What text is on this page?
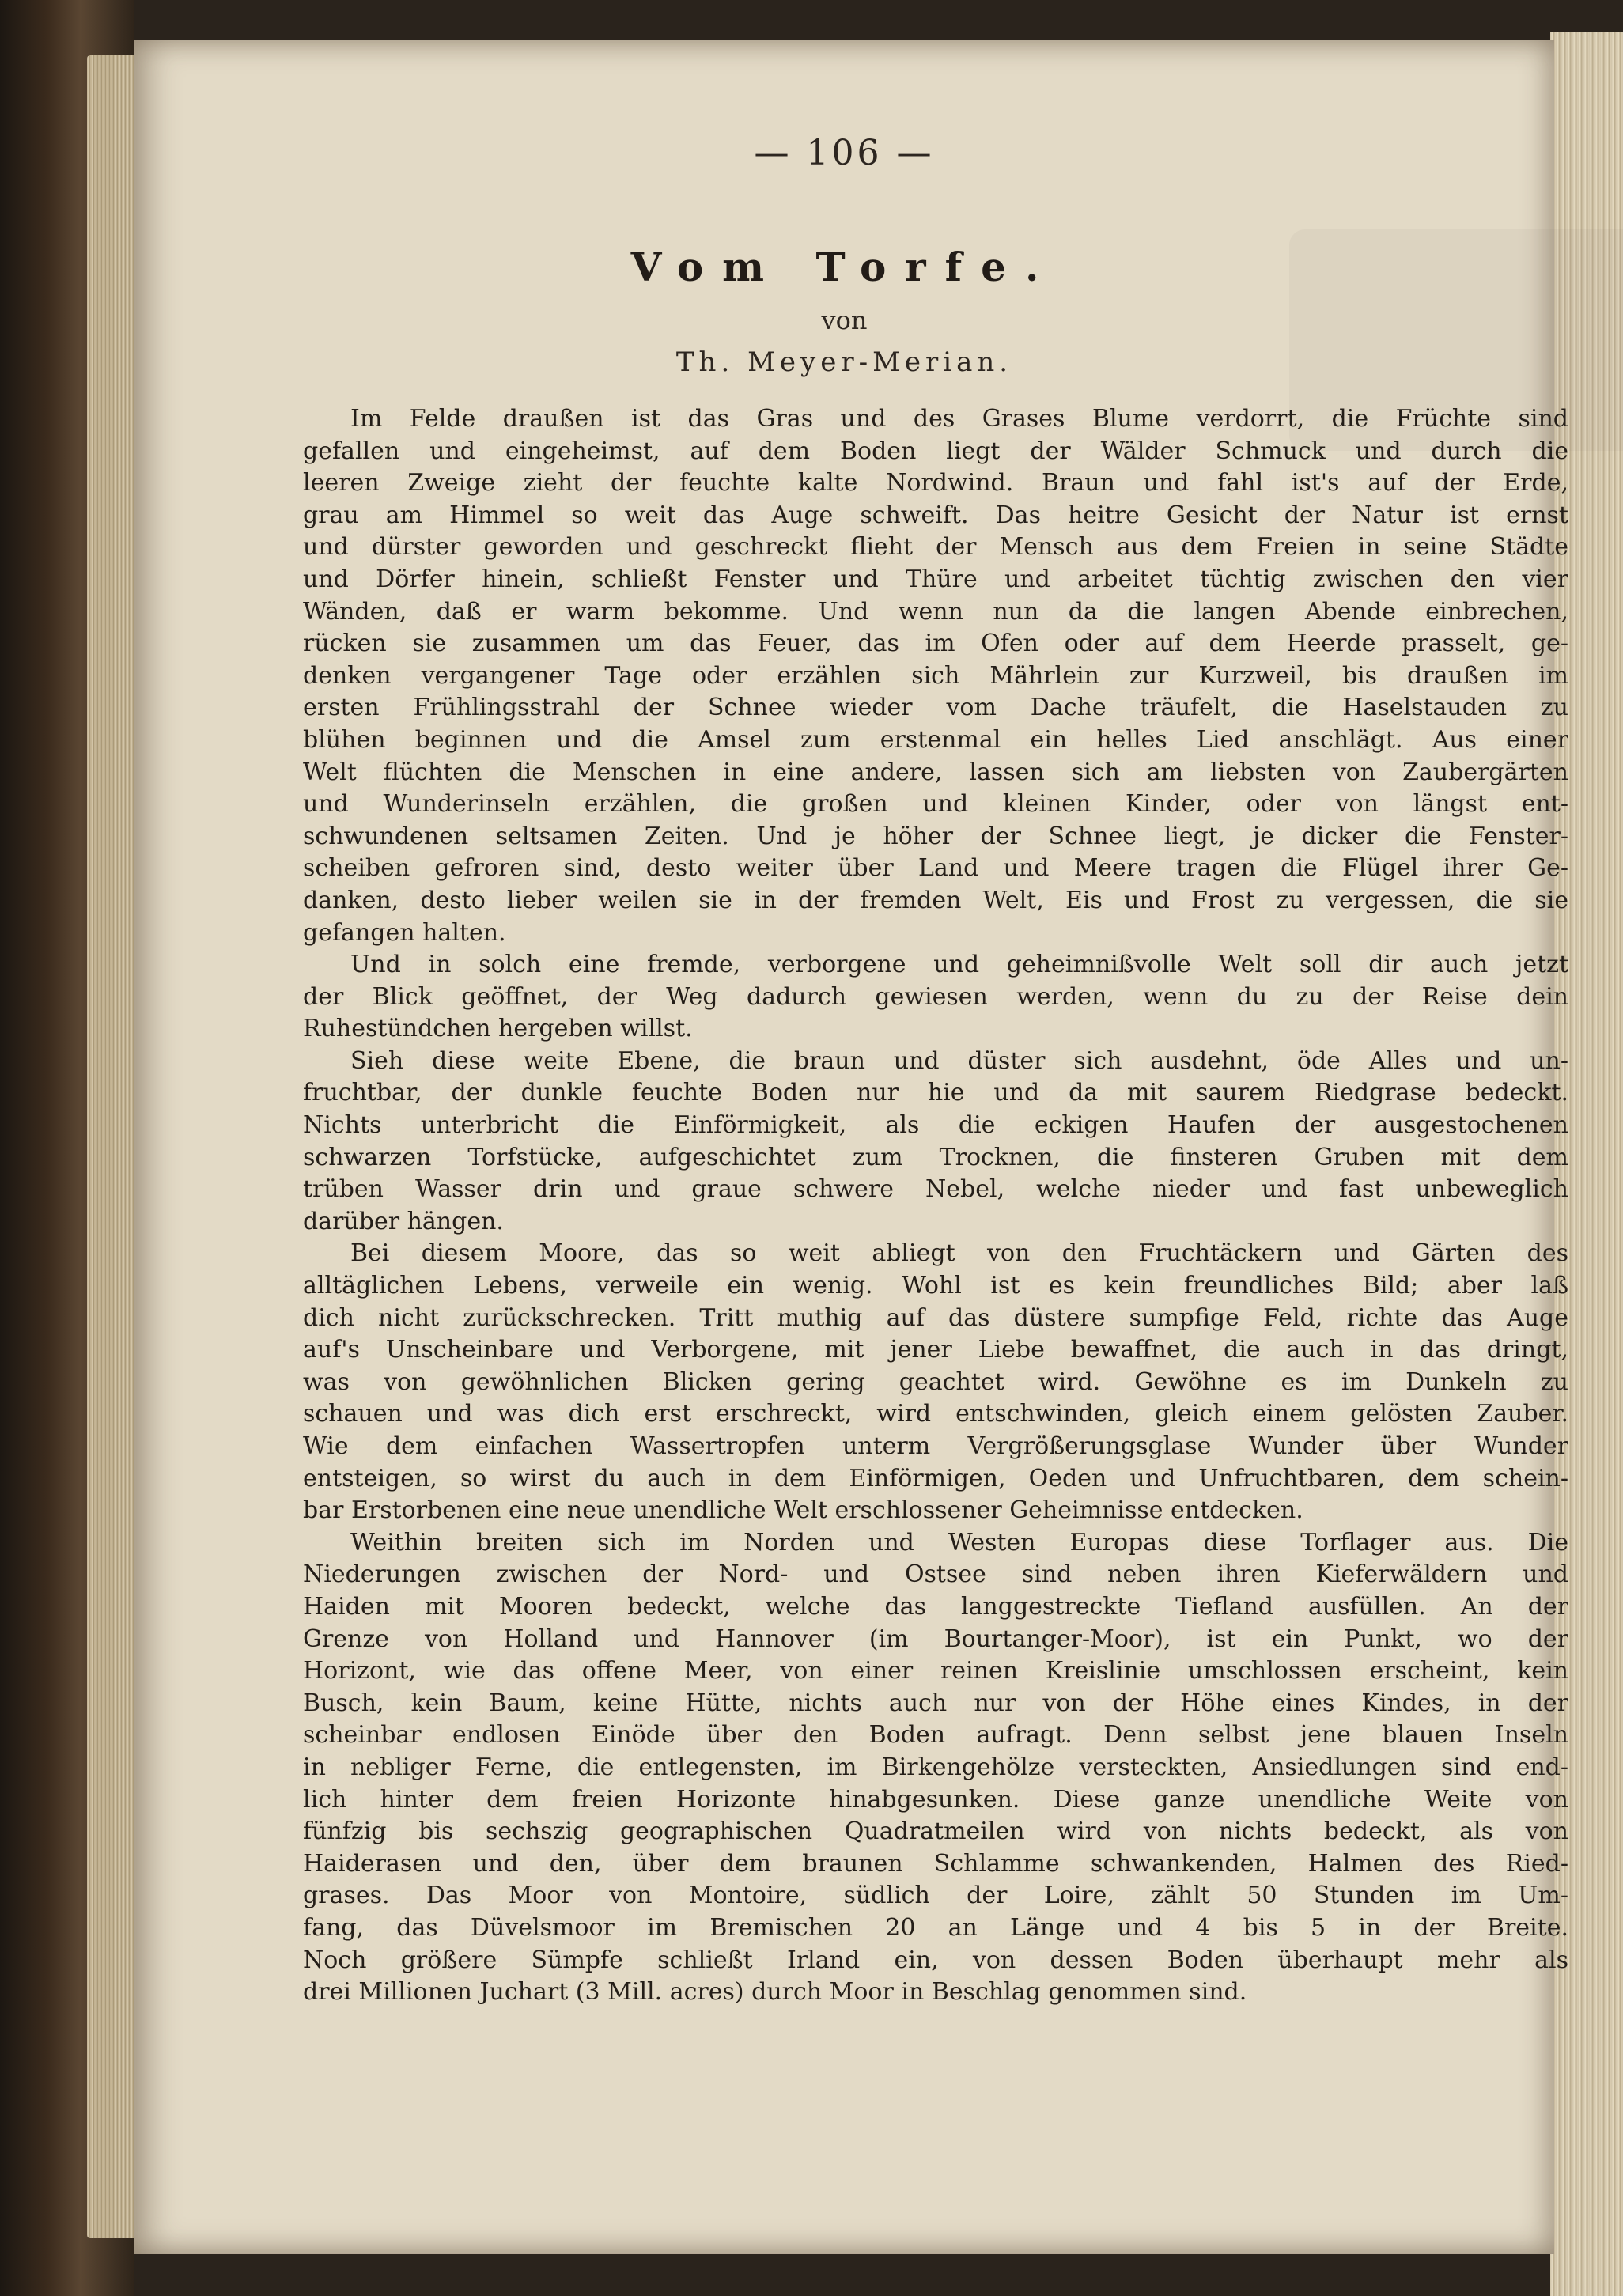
— 106 —
Vom Torfe.
von
Th. Meyer-Merian.
Im Felde draußen ist das Gras und des Grases Blume verdorrt, die Früchte sind
gefallen und eingeheimst, auf dem Boden liegt der Wälder Schmuck und durch die
leeren Zweige zieht der feuchte kalte Nordwind. Braun und fahl ist's auf der Erde,
grau am Himmel so weit das Auge schweift. Das heitre Gesicht der Natur ist ernst
und dürster geworden und geschreckt flieht der Mensch aus dem Freien in seine Städte
und Dörfer hinein, schließt Fenster und Thüre und arbeitet tüchtig zwischen den vier
Wänden, daß er warm bekomme. Und wenn nun da die langen Abende einbrechen,
rücken sie zusammen um das Feuer, das im Ofen oder auf dem Heerde prasselt, ge-
denken vergangener Tage oder erzählen sich Mährlein zur Kurzweil, bis draußen im
ersten Frühlingsstrahl der Schnee wieder vom Dache träufelt, die Haselstauden zu
blühen beginnen und die Amsel zum erstenmal ein helles Lied anschlägt. Aus einer
Welt flüchten die Menschen in eine andere, lassen sich am liebsten von Zaubergärten
und Wunderinseln erzählen, die großen und kleinen Kinder, oder von längst ent-
schwundenen seltsamen Zeiten. Und je höher der Schnee liegt, je dicker die Fenster-
scheiben gefroren sind, desto weiter über Land und Meere tragen die Flügel ihrer Ge-
danken, desto lieber weilen sie in der fremden Welt, Eis und Frost zu vergessen, die sie
gefangen halten.
Und in solch eine fremde, verborgene und geheimnißvolle Welt soll dir auch jetzt
der Blick geöffnet, der Weg dadurch gewiesen werden, wenn du zu der Reise dein
Ruhestündchen hergeben willst.
Sieh diese weite Ebene, die braun und düster sich ausdehnt, öde Alles und un-
fruchtbar, der dunkle feuchte Boden nur hie und da mit saurem Riedgrase bedeckt.
Nichts unterbricht die Einförmigkeit, als die eckigen Haufen der ausgestochenen
schwarzen Torfstücke, aufgeschichtet zum Trocknen, die finsteren Gruben mit dem
trüben Wasser drin und graue schwere Nebel, welche nieder und fast unbeweglich
darüber hängen.
Bei diesem Moore, das so weit abliegt von den Fruchtäckern und Gärten des
alltäglichen Lebens, verweile ein wenig. Wohl ist es kein freundliches Bild; aber laß
dich nicht zurückschrecken. Tritt muthig auf das düstere sumpfige Feld, richte das Auge
auf's Unscheinbare und Verborgene, mit jener Liebe bewaffnet, die auch in das dringt,
was von gewöhnlichen Blicken gering geachtet wird. Gewöhne es im Dunkeln zu
schauen und was dich erst erschreckt, wird entschwinden, gleich einem gelösten Zauber.
Wie dem einfachen Wassertropfen unterm Vergrößerungsglase Wunder über Wunder
entsteigen, so wirst du auch in dem Einförmigen, Oeden und Unfruchtbaren, dem schein-
bar Erstorbenen eine neue unendliche Welt erschlossener Geheimnisse entdecken.
Weithin breiten sich im Norden und Westen Europas diese Torflager aus. Die
Niederungen zwischen der Nord- und Ostsee sind neben ihren Kieferwäldern und
Haiden mit Mooren bedeckt, welche das langgestreckte Tiefland ausfüllen. An der
Grenze von Holland und Hannover (im Bourtanger-Moor), ist ein Punkt, wo der
Horizont, wie das offene Meer, von einer reinen Kreislinie umschlossen erscheint, kein
Busch, kein Baum, keine Hütte, nichts auch nur von der Höhe eines Kindes, in der
scheinbar endlosen Einöde über den Boden aufragt. Denn selbst jene blauen Inseln
in nebliger Ferne, die entlegensten, im Birkengehölze versteckten, Ansiedlungen sind end-
lich hinter dem freien Horizonte hinabgesunken. Diese ganze unendliche Weite von
fünfzig bis sechszig geographischen Quadratmeilen wird von nichts bedeckt, als von
Haiderasen und den, über dem braunen Schlamme schwankenden, Halmen des Ried-
grases. Das Moor von Montoire, südlich der Loire, zählt 50 Stunden im Um-
fang, das Düvelsmoor im Bremischen 20 an Länge und 4 bis 5 in der Breite.
Noch größere Sümpfe schließt Irland ein, von dessen Boden überhaupt mehr als
drei Millionen Juchart (3 Mill. acres) durch Moor in Beschlag genommen sind.
